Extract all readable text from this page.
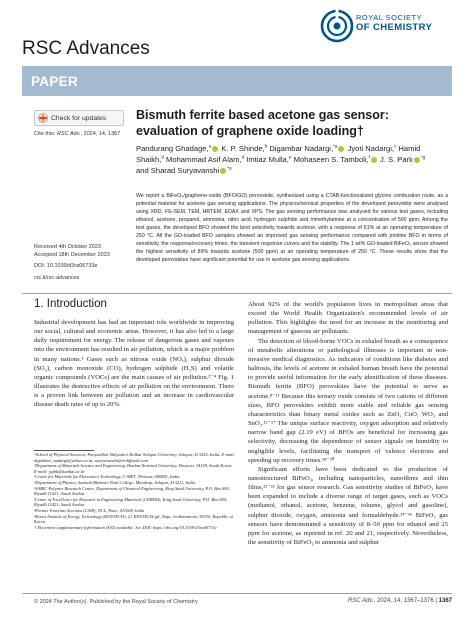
RSC Advances
ROYAL SOCIETY
OF CHEMISTRY
PAPER
Check for updates
Cite this: RSC Adv., 2024, 14, 1367
Bismuth ferrite based acetone gas sensor: evaluation of graphene oxide loading†
Pandurang Ghadage,$^a$ K. P. Shinde,$^b$ Digambar Nadargi,$^{*a}$ Jyoti Nadargi,$^c$ Hamid Shaikh,$^d$ Mohammad Asif Alam,$^d$ Imtiaz Mulla,$^e$ Mohaseen S. Tamboli,$^f$ J. S. Park $^{*g}$ and Sharad Suryavanshi $^{*a}$
We report a BiFeO₃/graphene-oxide (BFO/GO) perovskite, synthesized using a CTAB-functionalized glycine combustion route, as a potential material for acetone gas sensing applications. The physicochemical properties of the developed perovskite were analysed using XRD, FE-SEM, TEM, HRTEM, EDAX and XPS. The gas sensing performance was analysed for various test gases, including ethanol, acetone, propanol, ammonia, nitric acid, hydrogen sulphide and trimethylamine at a concentration of 500 ppm. Among the test gases, the developed BFO showed the best selectivity towards acetone, with a response of 61% at an operating temperature of 250 °C. All the GO-loaded BFO samples showed an improved gas sensing performance compared with pristine BFO in terms of sensitivity, the response/recovery times, the transient response curves and the stability. The 1 wt% GO-loaded BiFeO₃ sensor showed the highest sensitivity of 89% towards acetone (500 ppm) at an operating temperature of 250 °C. These results show that the developed perovskites have significant potential for use in acetone gas sensing applications.
Received 4th October 2023
Accepted 18th December 2023
DOI: 10.1039/d3ra06733e
rsc.li/rsc-advances
1. Introduction
Industrial development has had an important role worldwide in improving our social, cultural and economic areas. However, it has also led to a large daily requirement for energy. The release of dangerous gases and vapours into the environment has resulted in air pollution, which is a major problem in many nations.¹ Gases such as nitrous oxide (NOₓ), sulphur dioxide (SO₂), carbon monoxide (CO), hydrogen sulphide (H₂S) and volatile organic compounds (VOCs) are the main causes of air pollution.²⁻⁴ Fig. 1 illustrates the destructive effects of air pollution on the environment. There is a proven link between air pollution and an increase in cardiovascular disease death rates of up to 20%.
ᵃSchool of Physical Sciences, Punyashlok Ahilyadevi Holkar Solapur University, Solapur, 413255, India. E-mail: digambar_nadargi@yahoo.co.in; ssuryavanshi@rediffmail.com
ᵇDepartment of Materials Science and Engineering, Hanbat National University, Daejeon, 34158, South Korea. E-mail: jsphk@hanbat.ac.kr
ᶜCentre for Materials for Electronics Technology, C-MET, Thrissur, 680581, India
ᵈDepartment of Physics, Santosh Bhimrao Patil College, Mandrup, Solapur, 413221, India
ᵉSABIC Polymer Research Centre, Department of Chemical Engineering, King Saud University, P.O. Box 800, Riyadh 11421, Saudi Arabia
ᶠCenter of Excellence for Research in Engineering Materials (CEREM), King Saud University, P.O. Box 800, Riyadh 11421, Saudi Arabia
ᵍFormer Emeritus Scientist (CSIR), NCL, Pune, 411008, India
ʰKorea Institute of Energy Technology (KENTECH), 21 KENTECH-gil, Naju, Jeollanam-do, 58330, Republic of Korea
† Electronic supplementary information (ESI) available. See DOI: https://doi.org/10.1039/d3ra06733e

About 92% of the world's population lives in metropolitan areas that exceed the World Health Organization's recommended levels of air pollution. This highlights the need for an increase in the monitoring and management of gaseous air pollutants.

The detection of blood-borne VOCs in exhaled breath as a consequence of metabolic alterations or pathological illnesses is important in non-invasive medical diagnostics. As indicators of conditions like diabetes and halitosis, the levels of acetone in exhaled human breath have the potential to provide useful information for the early identification of these diseases. Bismuth ferrite (BFO) perovskites have the potential to serve as acetone.⁸⁻¹¹ Because this ternary oxide consists of two cations of different sizes, BFO perovskites exhibit more stable and reliable gas sensing characteristics than binary metal oxides such as ZnO, CuO, WO₃ and SnO₂.¹²⁻¹⁷ The unique surface reactivity, oxygen adsorption and relatively narrow band gap (2.19 eV) of BFOs are beneficial for increasing gas selectivity, decreasing the dependence of sensor signals on humidity to negligible levels, facilitating the transport of valence electrons and speeding up recovery times.¹⁸⁻²⁰

Significant efforts have been dedicated to the production of nanostructured BiFeO₃, including nanoparticles, nanofibres and thin films,²¹⁻²³ for gas sensor research. Gas sensitivity studies of BiFeO₃ have been expanded to include a diverse range of target gases, such as VOCs (methanol, ethanol, acetone, benzene, toluene, glycol and gasoline), sulphur dioxide, oxygen, ammonia and formaldehyde.²⁴⁻³⁶ BiFeO₃ gas sensors have demonstrated a sensitivity of 8–50 ppm for ethanol and 25 ppm for acetone, as reported in ref. 20 and 21, respectively. Nevertheless, the sensitivity of BiFeO₃ to ammonia and sulphur

© 2024 The Author(s). Published by the Royal Society of Chemistry	RSC Adv., 2024, 14, 1367–1376 | 1367
